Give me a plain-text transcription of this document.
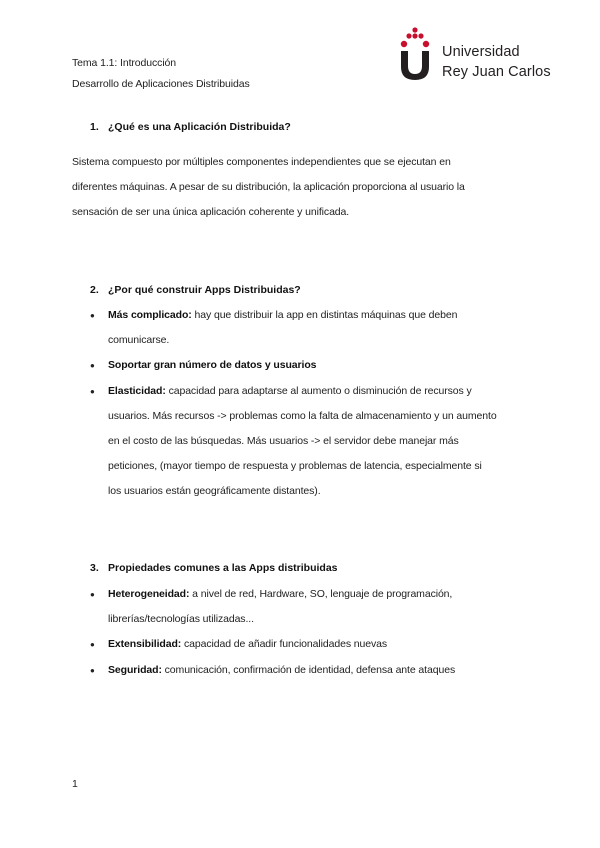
Tema 1.1: Introducción
Desarrollo de Aplicaciones Distribuidas
Universidad
Rey Juan Carlos
1. ¿Qué es una Aplicación Distribuida?
Sistema compuesto por múltiples componentes independientes que se ejecutan en
diferentes máquinas. A pesar de su distribución, la aplicación proporciona al usuario la
sensación de ser una única aplicación coherente y unificada.
2. ¿Por qué construir Apps Distribuidas?
● Más complicado: hay que distribuir la app en distintas máquinas que deben
comunicarse.
● Soportar gran número de datos y usuarios
● Elasticidad: capacidad para adaptarse al aumento o disminución de recursos y
usuarios. Más recursos -> problemas como la falta de almacenamiento y un aumento
en el costo de las búsquedas. Más usuarios -> el servidor debe manejar más
peticiones, (mayor tiempo de respuesta y problemas de latencia, especialmente si
los usuarios están geográficamente distantes).
3. Propiedades comunes a las Apps distribuidas
● Heterogeneidad: a nivel de red, Hardware, SO, lenguaje de programación,
librerías/tecnologías utilizadas...
● Extensibilidad: capacidad de añadir funcionalidades nuevas
● Seguridad: comunicación, confirmación de identidad, defensa ante ataques
1
